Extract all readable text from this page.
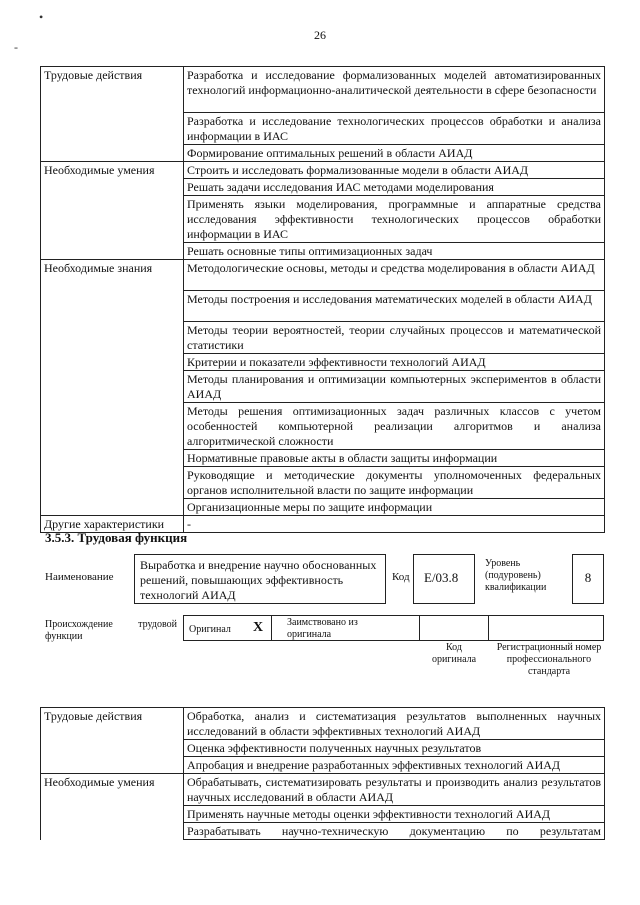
•
-
26
Трудовые действия	Разработка и исследование формализованных моделей автоматизированных технологий информационно-аналитической деятельности в сфере безопасности
	Разработка и исследование технологических процессов обработки и анализа информации в ИАС
	Формирование оптимальных решений в области АИАД
Необходимые умения	Строить и исследовать формализованные модели в области АИАД
	Решать задачи исследования ИАС методами моделирования
	Применять языки моделирования, программные и аппаратные средства исследования эффективности технологических процессов обработки информации в ИАС
	Решать основные типы оптимизационных задач
Необходимые знания	Методологические основы, методы и средства моделирования в области АИАД
	Методы построения и исследования математических моделей в области АИАД
	Методы теории вероятностей, теории случайных процессов и математической статистики
	Критерии и показатели эффективности технологий АИАД
	Методы планирования и оптимизации компьютерных экспериментов в области АИАД
	Методы решения оптимизационных задач различных классов с учетом особенностей компьютерной реализации алгоритмов и анализа алгоритмической сложности
	Нормативные правовые акты в области защиты информации
	Руководящие и методические документы уполномоченных федеральных органов исполнительной власти по защите информации
	Организационные меры по защите информации
Другие характеристики	-
3.5.3. Трудовая функция
Наименование
Выработка и внедрение научно обоснованных решений, повышающих эффективность технологий АИАД
Код	E/03.8
Уровень (подуровень) квалификации
8
Происхождение трудовой функции
Оригинал X Заимствовано из оригинала
Код оригинала
Регистрационный номер профессионального стандарта
Трудовые действия	Обработка, анализ и систематизация результатов выполненных научных исследований в области эффективных технологий АИАД
	Оценка эффективности полученных научных результатов
	Апробация и внедрение разработанных эффективных технологий АИАД
Необходимые умения	Обрабатывать, систематизировать результаты и производить анализ результатов научных исследований в области АИАД
	Применять научные методы оценки эффективности технологий АИАД
	Разрабатывать научно-техническую документацию по результатам
